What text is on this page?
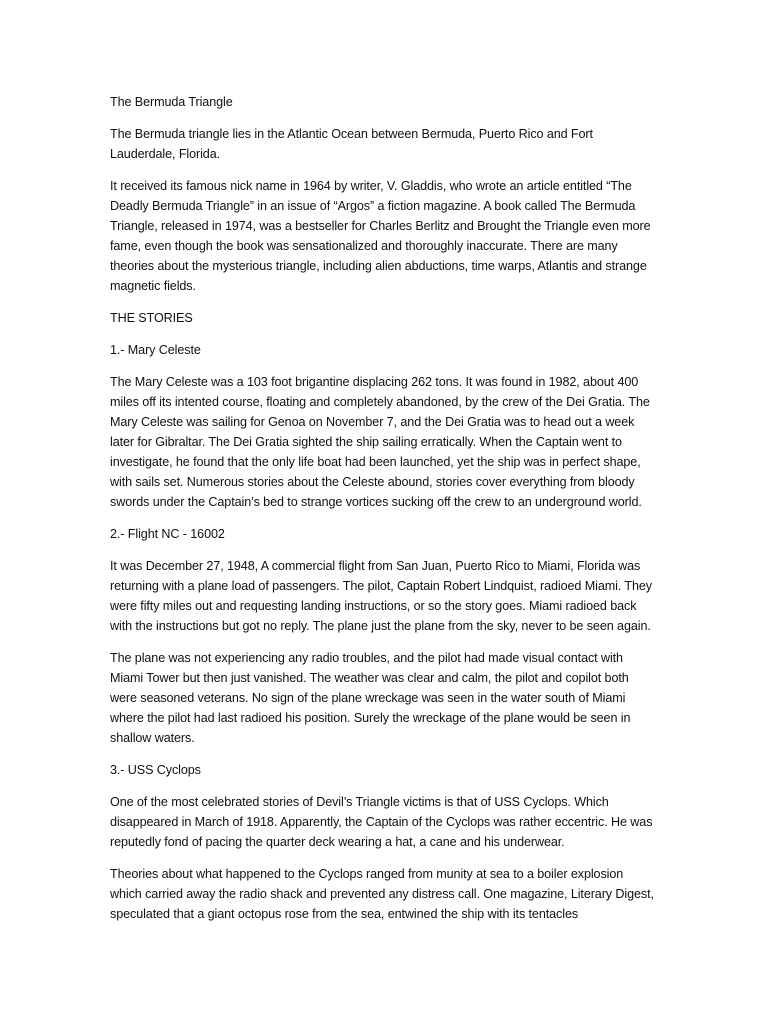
The Bermuda Triangle

The Bermuda triangle lies in the Atlantic Ocean between Bermuda, Puerto Rico and Fort Lauderdale, Florida.

It received its famous nick name in 1964 by writer, V. Gladdis, who wrote an article entitled “The Deadly Bermuda Triangle” in an issue of “Argos” a fiction magazine. A book called The Bermuda Triangle, released in 1974, was a bestseller for Charles Berlitz and Brought the Triangle even more fame, even though the book was sensationalized and thoroughly inaccurate. There are many theories about the mysterious triangle, including alien abductions, time warps, Atlantis and strange magnetic fields.

THE STORIES

1.- Mary Celeste

The Mary Celeste was a 103 foot brigantine displacing 262 tons. It was found in 1982, about 400 miles off its intented course, floating and completely abandoned, by the crew of the Dei Gratia. The Mary Celeste was sailing for Genoa on November 7, and the Dei Gratia was to head out a week later for Gibraltar. The Dei Gratia sighted the ship sailing erratically. When the Captain went to investigate, he found that the only life boat had been launched, yet the ship was in perfect shape, with sails set. Numerous stories about the Celeste abound, stories cover everything from bloody swords under the Captain’s bed to strange vortices sucking off the crew to an underground world.

2.- Flight NC - 16002

It was December 27, 1948, A commercial flight from San Juan, Puerto Rico to Miami, Florida was returning with a plane load of passengers. The pilot, Captain Robert Lindquist, radioed Miami. They were fifty miles out and requesting landing instructions, or so the story goes. Miami radioed back with the instructions but got no reply. The plane just the plane from the sky, never to be seen again.

The plane was not experiencing any radio troubles, and the pilot had made visual contact with Miami Tower but then just vanished. The weather was clear and calm, the pilot and copilot both were seasoned veterans. No sign of the plane wreckage was seen in the water south of Miami where the pilot had last radioed his position. Surely the wreckage of the plane would be seen in shallow waters.

3.- USS Cyclops

One of the most celebrated stories of Devil’s Triangle victims is that of USS Cyclops. Which disappeared in March of 1918. Apparently, the Captain of the Cyclops was rather eccentric. He was reputedly fond of pacing the quarter deck wearing a hat, a cane and his underwear.

Theories about what happened to the Cyclops ranged from munity at sea to a boiler explosion which carried away the radio shack and prevented any distress call. One magazine, Literary Digest, speculated that a giant octopus rose from the sea, entwined the ship with its tentacles
